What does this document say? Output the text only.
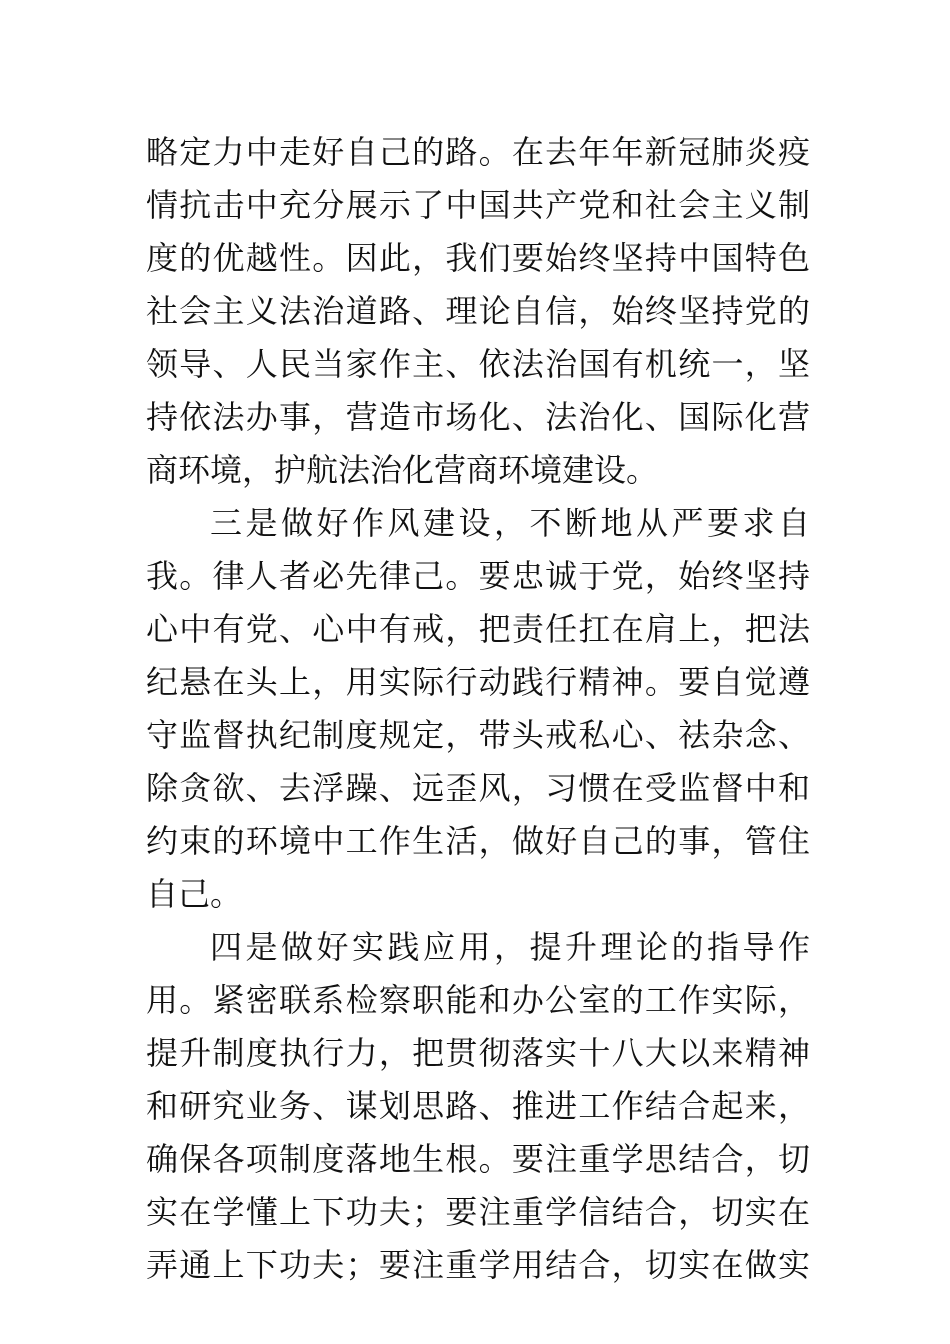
略定力中走好自己的路。在去年年新冠肺炎疫
情抗击中充分展示了中国共产党和社会主义制
度的优越性。因此，我们要始终坚持中国特色
社会主义法治道路、理论自信，始终坚持党的
领导、人民当家作主、依法治国有机统一，坚
持依法办事，营造市场化、法治化、国际化营
商环境，护航法治化营商环境建设。
三是做好作风建设，不断地从严要求自
我。律人者必先律己。要忠诚于党，始终坚持
心中有党、心中有戒，把责任扛在肩上，把法
纪悬在头上，用实际行动践行精神。要自觉遵
守监督执纪制度规定，带头戒私心、祛杂念、
除贪欲、去浮躁、远歪风，习惯在受监督中和
约束的环境中工作生活，做好自己的事，管住
自己。
四是做好实践应用，提升理论的指导作
用。紧密联系检察职能和办公室的工作实际，
提升制度执行力，把贯彻落实十八大以来精神
和研究业务、谋划思路、推进工作结合起来，
确保各项制度落地生根。要注重学思结合，切
实在学懂上下功夫；要注重学信结合，切实在
弄通上下功夫；要注重学用结合，切实在做实
